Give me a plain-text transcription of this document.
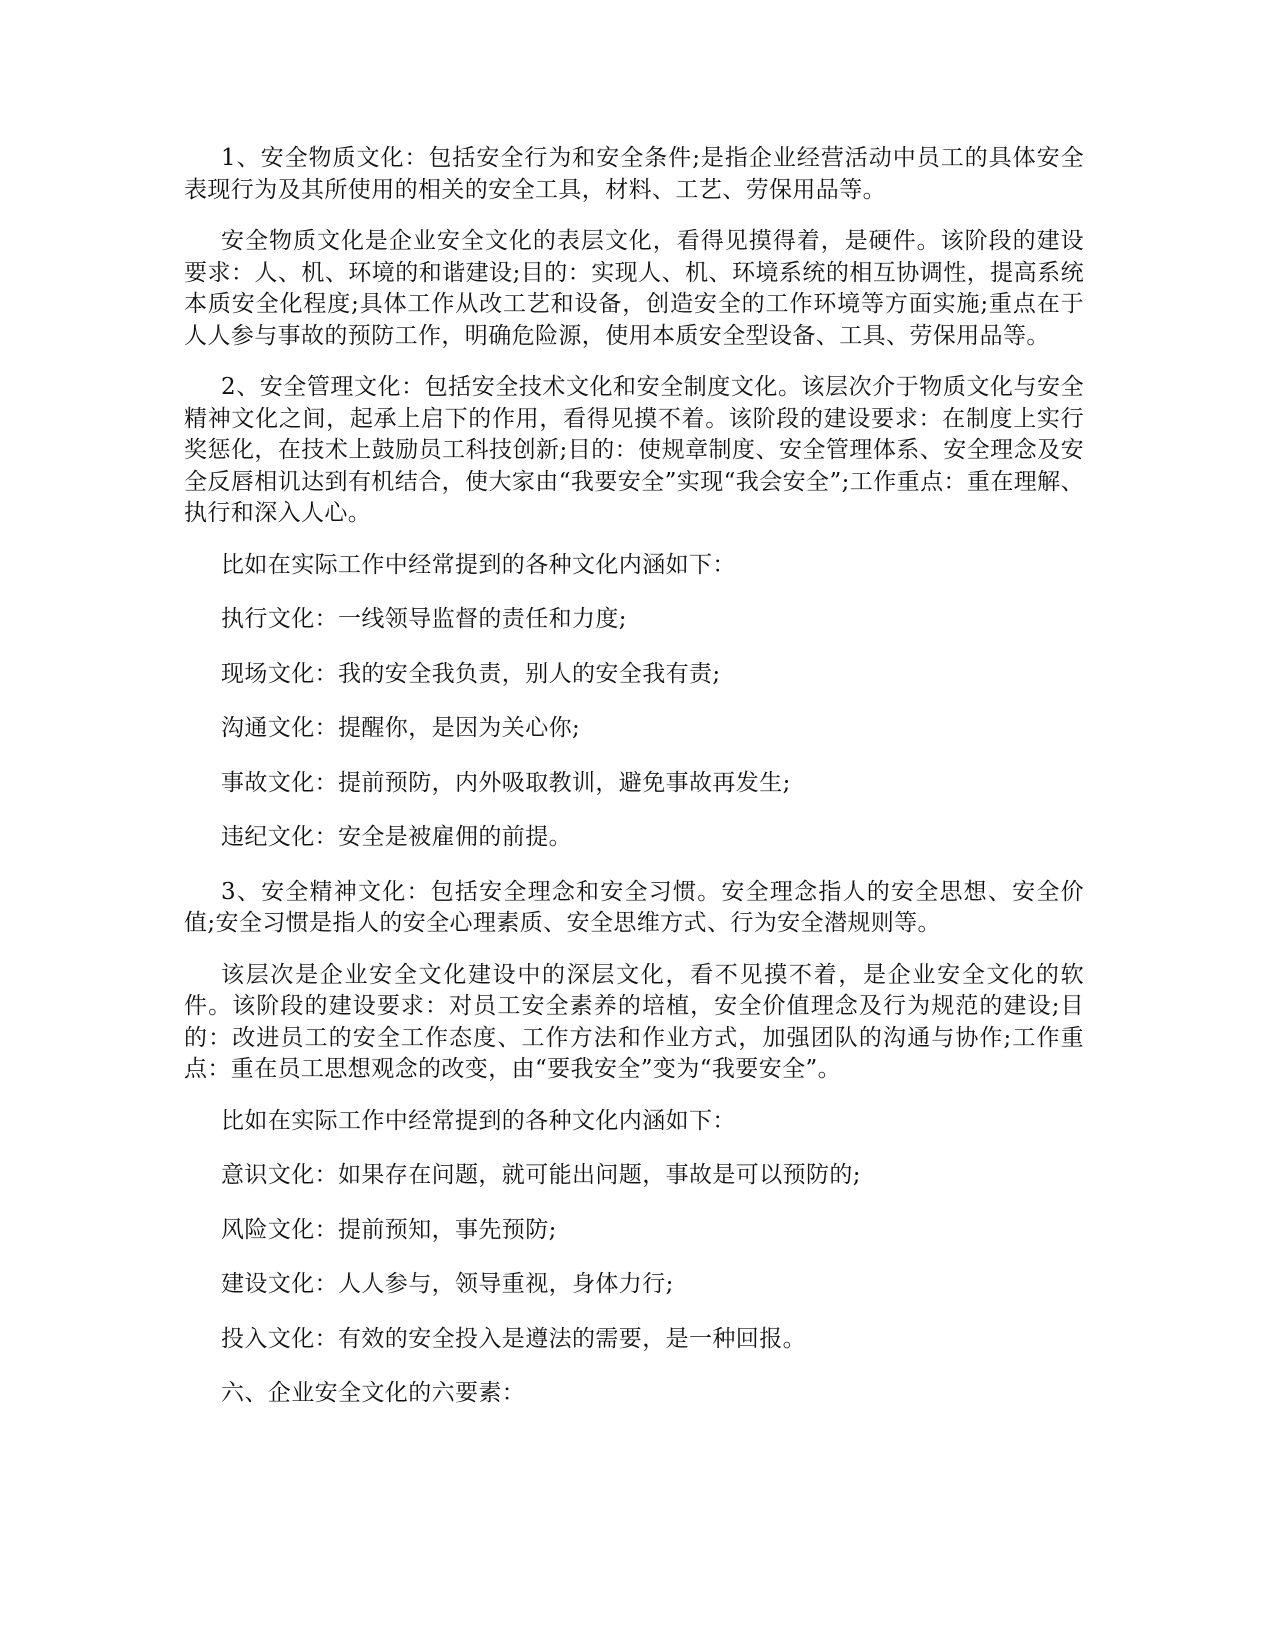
1、安全物质文化：包括安全行为和安全条件;是指企业经营活动中员工的具体安全表现行为及其所使用的相关的安全工具，材料、工艺、劳保用品等。

安全物质文化是企业安全文化的表层文化，看得见摸得着，是硬件。该阶段的建设要求：人、机、环境的和谐建设;目的：实现人、机、环境系统的相互协调性，提高系统本质安全化程度;具体工作从改工艺和设备，创造安全的工作环境等方面实施;重点在于人人参与事故的预防工作，明确危险源，使用本质安全型设备、工具、劳保用品等。

2、安全管理文化：包括安全技术文化和安全制度文化。该层次介于物质文化与安全精神文化之间，起承上启下的作用，看得见摸不着。该阶段的建设要求：在制度上实行奖惩化，在技术上鼓励员工科技创新;目的：使规章制度、安全管理体系、安全理念及安全反唇相讥达到有机结合，使大家由“我要安全”实现“我会安全”;工作重点：重在理解、执行和深入人心。

比如在实际工作中经常提到的各种文化内涵如下：

执行文化：一线领导监督的责任和力度;

现场文化：我的安全我负责，别人的安全我有责;

沟通文化：提醒你，是因为关心你;

事故文化：提前预防，内外吸取教训，避免事故再发生;

违纪文化：安全是被雇佣的前提。

3、安全精神文化：包括安全理念和安全习惯。安全理念指人的安全思想、安全价值;安全习惯是指人的安全心理素质、安全思维方式、行为安全潜规则等。

该层次是企业安全文化建设中的深层文化，看不见摸不着，是企业安全文化的软件。该阶段的建设要求：对员工安全素养的培植，安全价值理念及行为规范的建设;目的：改进员工的安全工作态度、工作方法和作业方式，加强团队的沟通与协作;工作重点：重在员工思想观念的改变，由“要我安全”变为“我要安全”。

比如在实际工作中经常提到的各种文化内涵如下：

意识文化：如果存在问题，就可能出问题，事故是可以预防的;

风险文化：提前预知，事先预防;

建设文化：人人参与，领导重视，身体力行;

投入文化：有效的安全投入是遵法的需要，是一种回报。

六、企业安全文化的六要素：
